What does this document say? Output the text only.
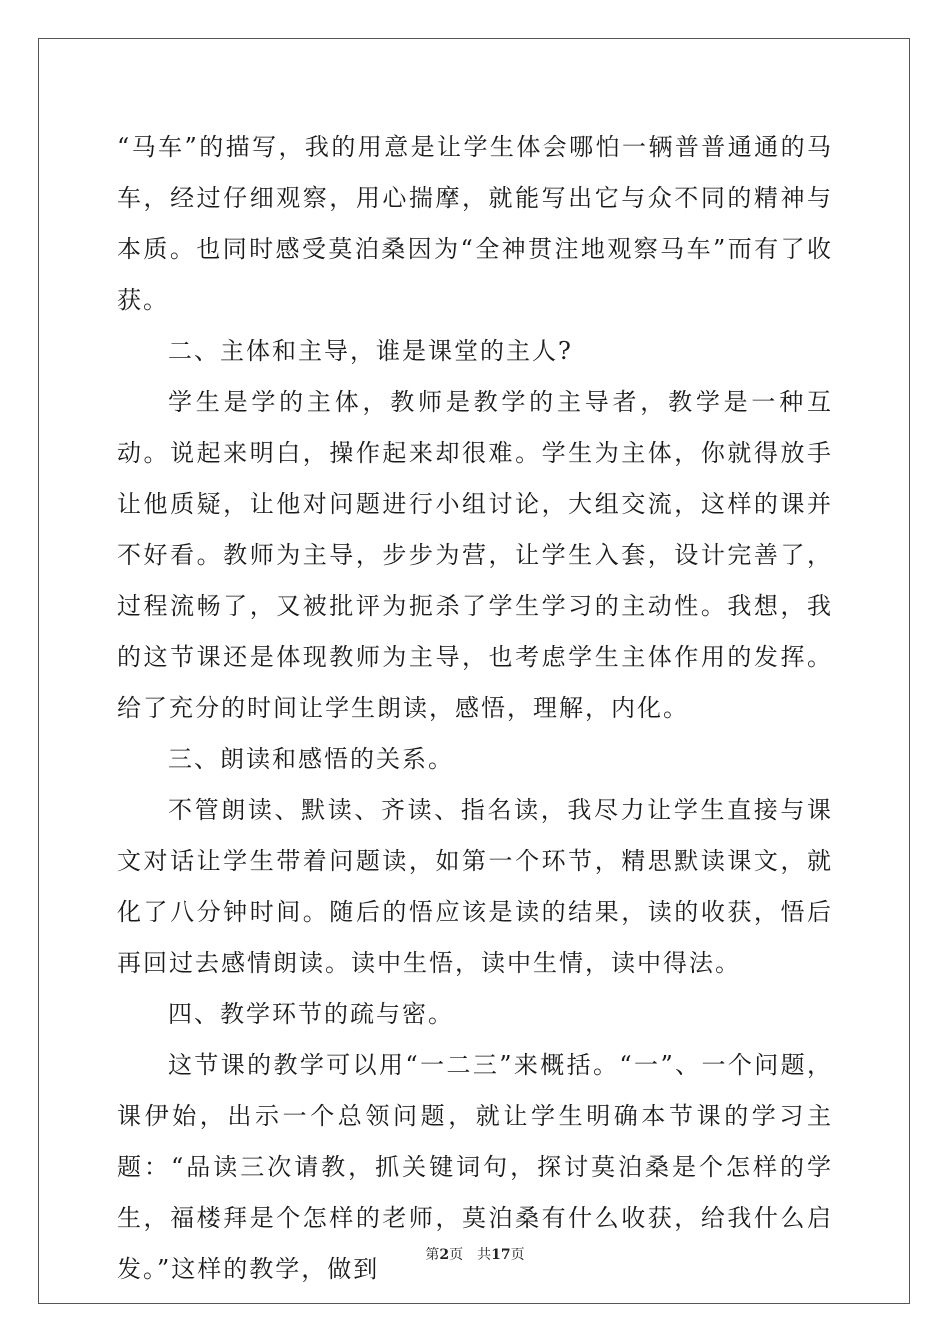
“马车”的描写，我的用意是让学生体会哪怕一辆普普通通的马车，经过仔细观察，用心揣摩，就能写出它与众不同的精神与本质。也同时感受莫泊桑因为“全神贯注地观察马车”而有了收获。

二、主体和主导，谁是课堂的主人?

学生是学的主体，教师是教学的主导者，教学是一种互动。说起来明白，操作起来却很难。学生为主体，你就得放手让他质疑，让他对问题进行小组讨论，大组交流，这样的课并不好看。教师为主导，步步为营，让学生入套，设计完善了，过程流畅了，又被批评为扼杀了学生学习的主动性。我想，我的这节课还是体现教师为主导，也考虑学生主体作用的发挥。给了充分的时间让学生朗读，感悟，理解，内化。

三、朗读和感悟的关系。

不管朗读、默读、齐读、指名读，我尽力让学生直接与课文对话让学生带着问题读，如第一个环节，精思默读课文，就化了八分钟时间。随后的悟应该是读的结果，读的收获，悟后再回过去感情朗读。读中生悟，读中生情，读中得法。

四、教学环节的疏与密。

这节课的教学可以用“一二三”来概括。“一”、一个问题，课伊始，出示一个总领问题，就让学生明确本节课的学习主题：“品读三次请教，抓关键词句，探讨莫泊桑是个怎样的学生，福楼拜是个怎样的老师，莫泊桑有什么收获，给我什么启发。”这样的教学，做到	第2页 共17页
